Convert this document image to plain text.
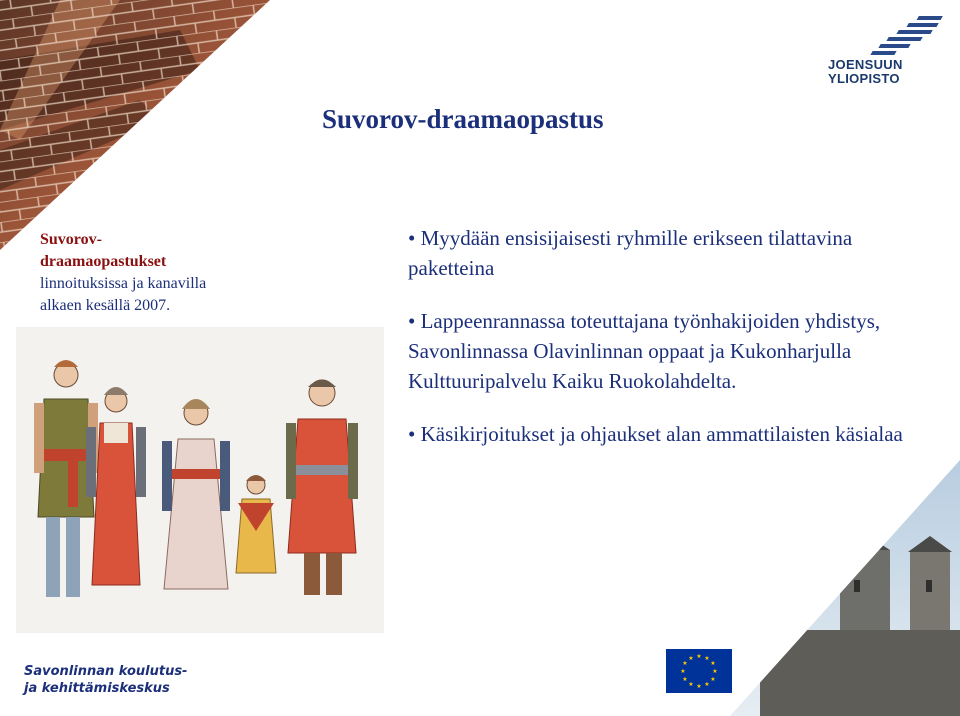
JOENSUUN
YLIOPISTO
Suvorov-draamaopastus
Suvorov-
draamaopastukset
linnoituksissa ja kanavilla
alkaen kesällä 2007.

• Myydään ensisijaisesti ryhmille erikseen tilattavina paketteina

• Lappeenrannassa toteuttajana työnhakijoiden yhdistys, Savonlinnassa Olavinlinnan oppaat ja Kukonharjulla Kulttuuripalvelu Kaiku Ruokolahdelta.

• Käsikirjoitukset ja ohjaukset alan ammattilaisten käsialaa

Savonlinnan koulutus-
ja kehittämiskeskus
★ ★
★
★
★
★
★
★
★
★
★
★
